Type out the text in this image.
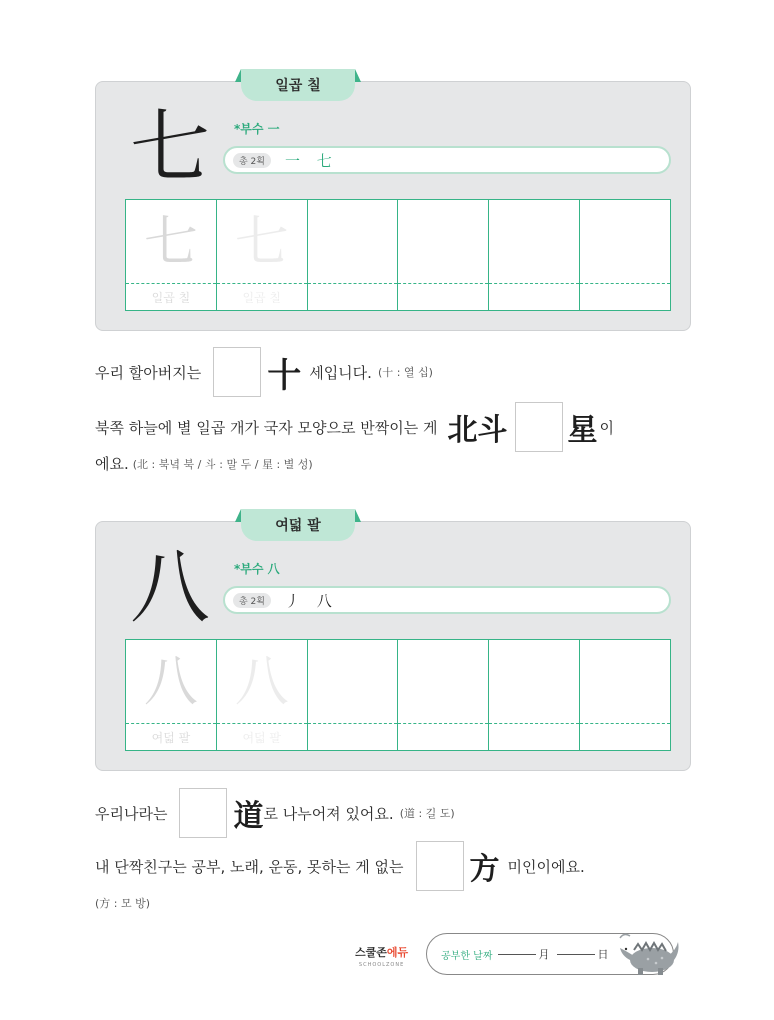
일곱 칠
七	*부수 一
총 2획	一 七
七
일곱 칠
七
일곱 칠
우리 할아버지는 十 세입니다. (十 : 열 십)
북쪽 하늘에 별 일곱 개가 국자 모양으로 반짝이는 게 北斗 星 이
에요. (北 : 북녘 북 / 斗 : 말 두 / 星 : 별 성)
여덟 팔
八	*부수 八
총 2획	丿 八
八
여덟 팔
八
여덟 팔
우리나라는 道 로 나누어져 있어요. (道 : 길 도)
내 단짝친구는 공부, 노래, 운동, 못하는 게 없는 方 미인이에요.
(方 : 모 방)
스쿨존에듀
SCHOOLZONE
공부한 날짜	月	日
